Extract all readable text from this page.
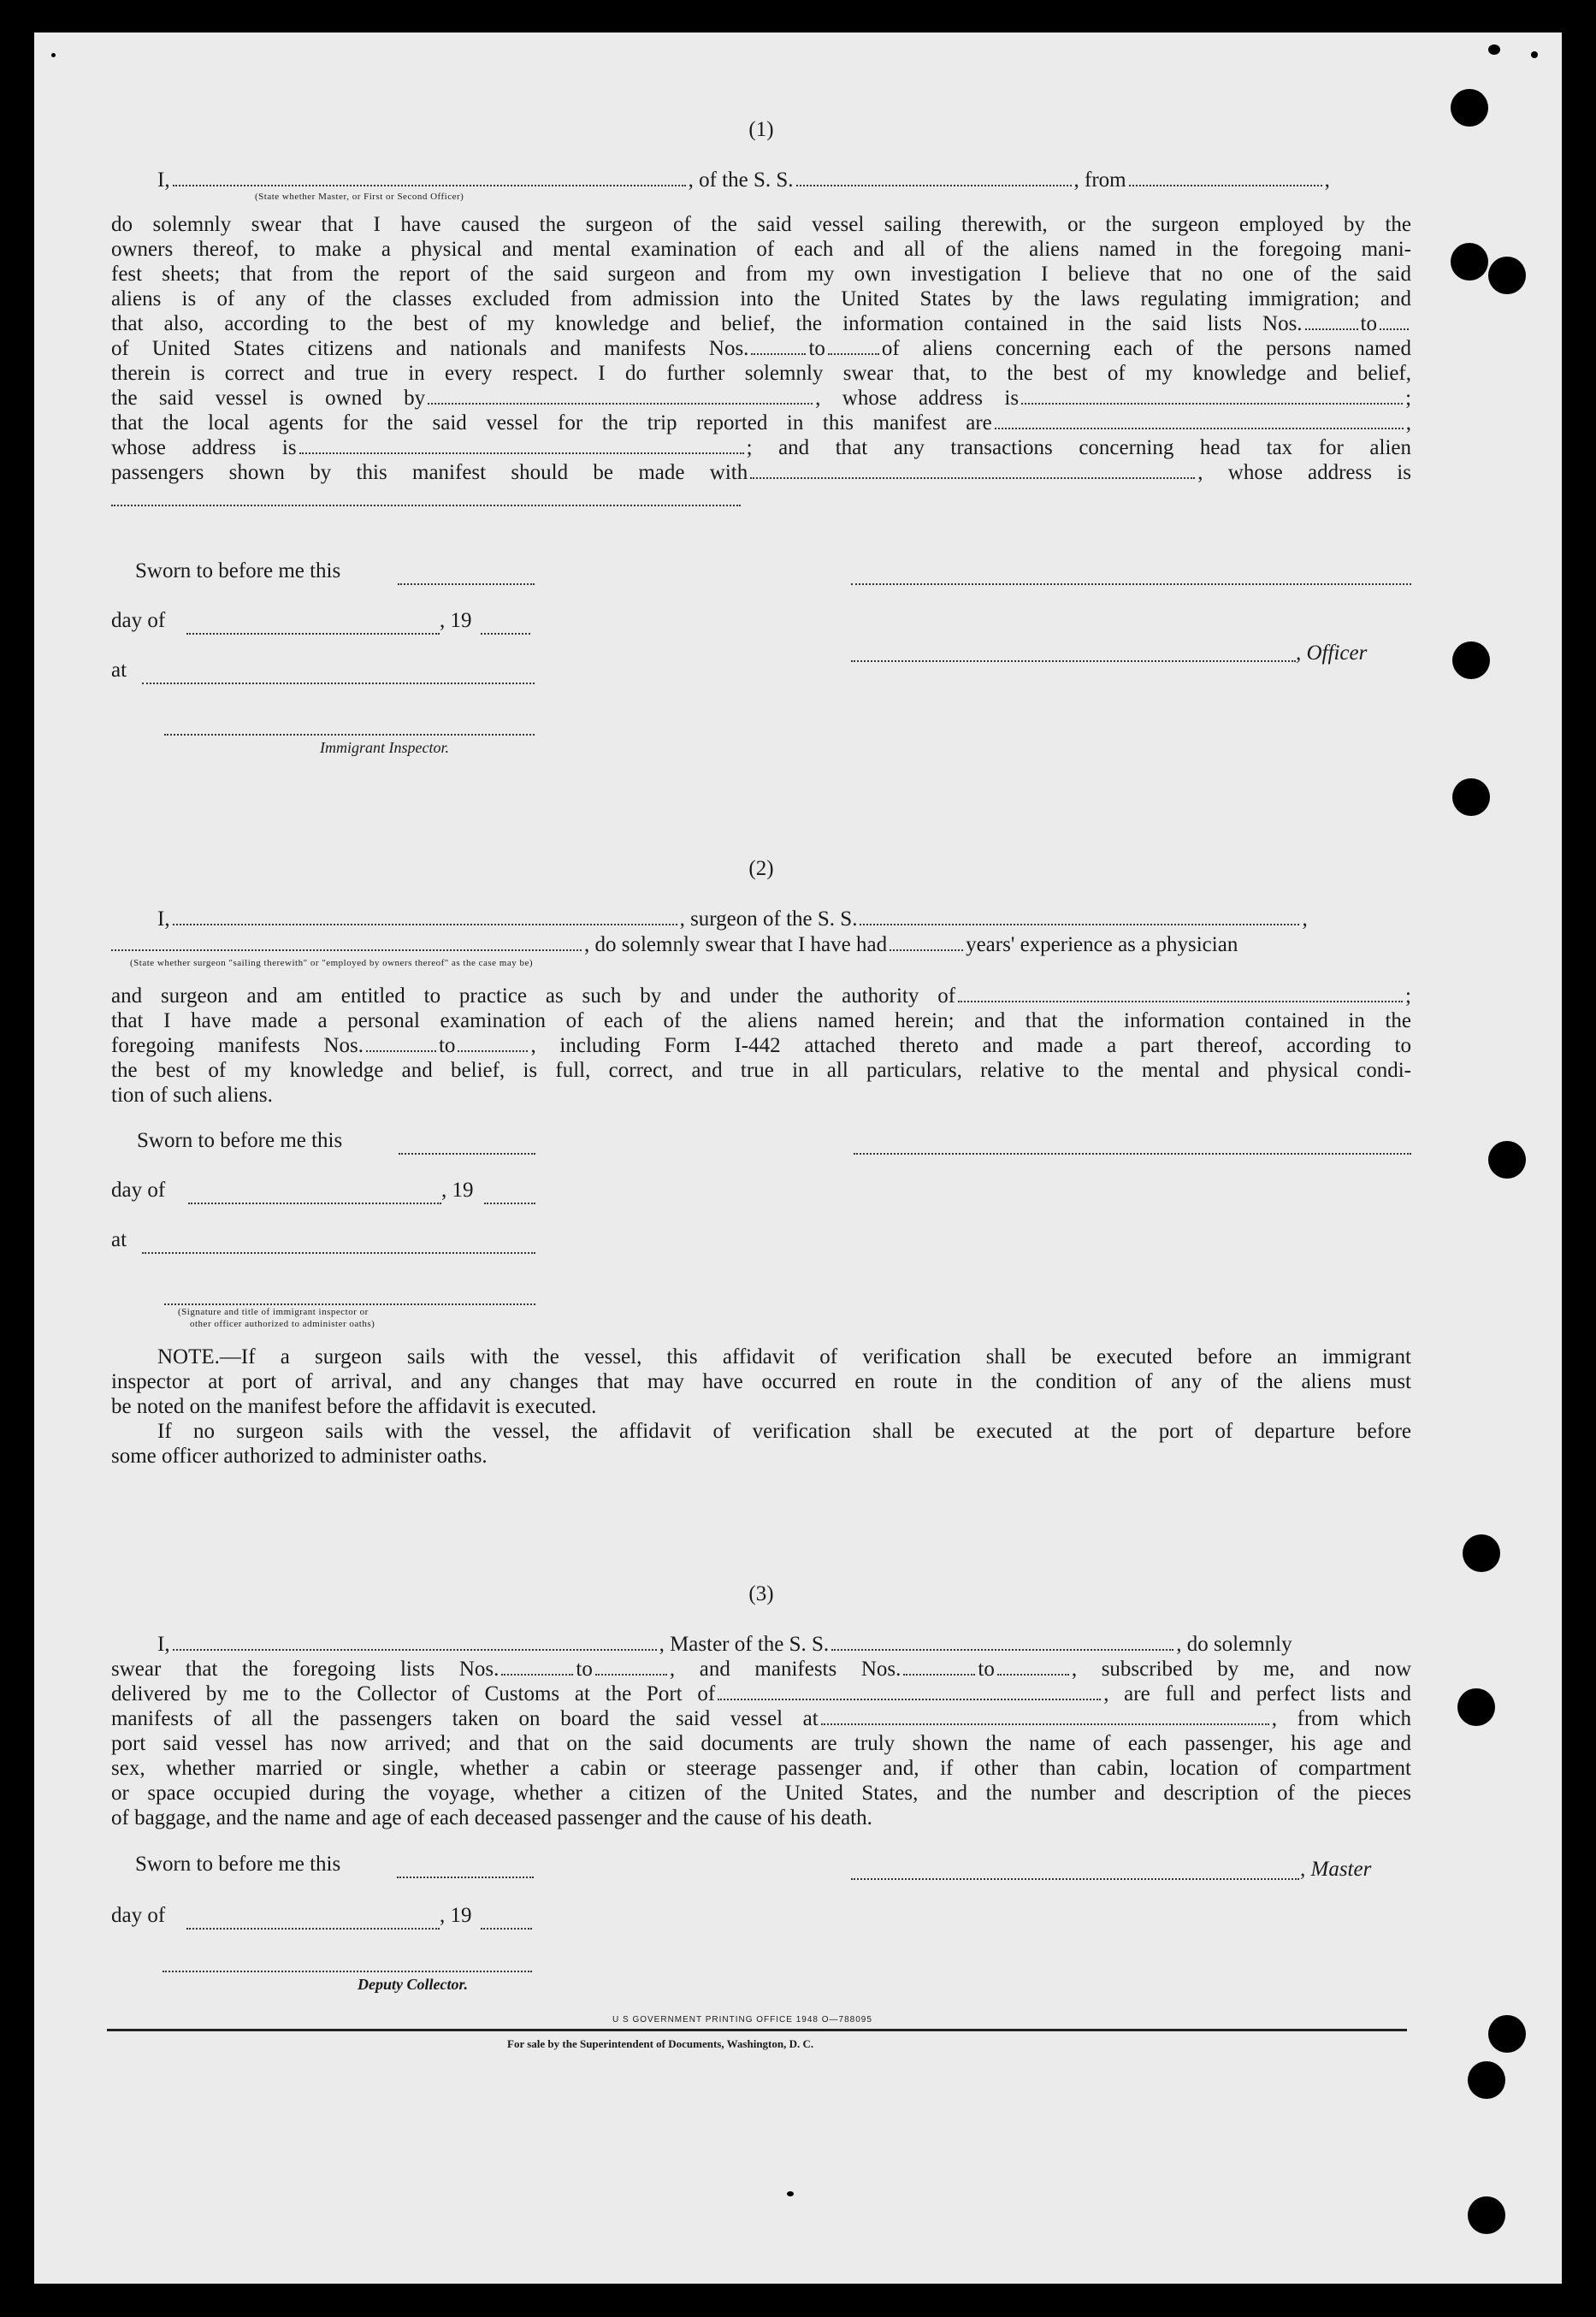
(1)
I,	, of the S. S.	, from	,
(State whether Master, or First or Second Officer)
do solemnly swear that I have caused the surgeon of the said vessel sailing therewith, or the surgeon employed by the
owners thereof, to make a physical and mental examination of each and all of the aliens named in the foregoing mani-
fest sheets; that from the report of the said surgeon and from my own investigation I believe that no one of the said
aliens is of any of the classes excluded from admission into the United States by the laws regulating immigration; and
that also, according to the best of my knowledge and belief, the information contained in the said lists Nos.	to
of United States citizens and nationals and manifests Nos.	to	of aliens concerning each of the persons named
therein is correct and true in every respect. I do further solemnly swear that, to the best of my knowledge and belief,
the said vessel is owned by	, whose address is	;
that the local agents for the said vessel for the trip reported in this manifest are	,
whose address is	; and that any transactions concerning head tax for alien
passengers shown by this manifest should be made with	, whose address is
Sworn to before me this
day of	, 19
, Officer
at
Immigrant Inspector.
(2)
I,	, surgeon of the S. S.	,
, do solemnly swear that I have had	years' experience as a physician
(State whether surgeon "sailing therewith" or "employed by owners thereof" as the case may be)
and surgeon and am entitled to practice as such by and under the authority of	;
that I have made a personal examination of each of the aliens named herein; and that the information contained in the
foregoing manifests Nos.	to	, including Form I-442 attached thereto and made a part thereof, according to
the best of my knowledge and belief, is full, correct, and true in all particulars, relative to the mental and physical condi-
tion of such aliens.
Sworn to before me this
day of	, 19
at
(Signature and title of immigrant inspector or
other officer authorized to administer oaths)
NOTE.—If a surgeon sails with the vessel, this affidavit of verification shall be executed before an immigrant
inspector at port of arrival, and any changes that may have occurred en route in the condition of any of the aliens must
be noted on the manifest before the affidavit is executed.
If no surgeon sails with the vessel, the affidavit of verification shall be executed at the port of departure before
some officer authorized to administer oaths.
(3)
I,	, Master of the S. S.	, do solemnly
swear that the foregoing lists Nos.	to	, and manifests Nos.	to	, subscribed by me, and now
delivered by me to the Collector of Customs at the Port of	, are full and perfect lists and
manifests of all the passengers taken on board the said vessel at	, from which
port said vessel has now arrived; and that on the said documents are truly shown the name of each passenger, his age and
sex, whether married or single, whether a cabin or steerage passenger and, if other than cabin, location of compartment
or space occupied during the voyage, whether a citizen of the United States, and the number and description of the pieces
of baggage, and the name and age of each deceased passenger and the cause of his death.
Sworn to before me this	, Master
day of	, 19
Deputy Collector.
U S GOVERNMENT PRINTING OFFICE 1948 O—788095
For sale by the Superintendent of Documents, Washington, D. C.
